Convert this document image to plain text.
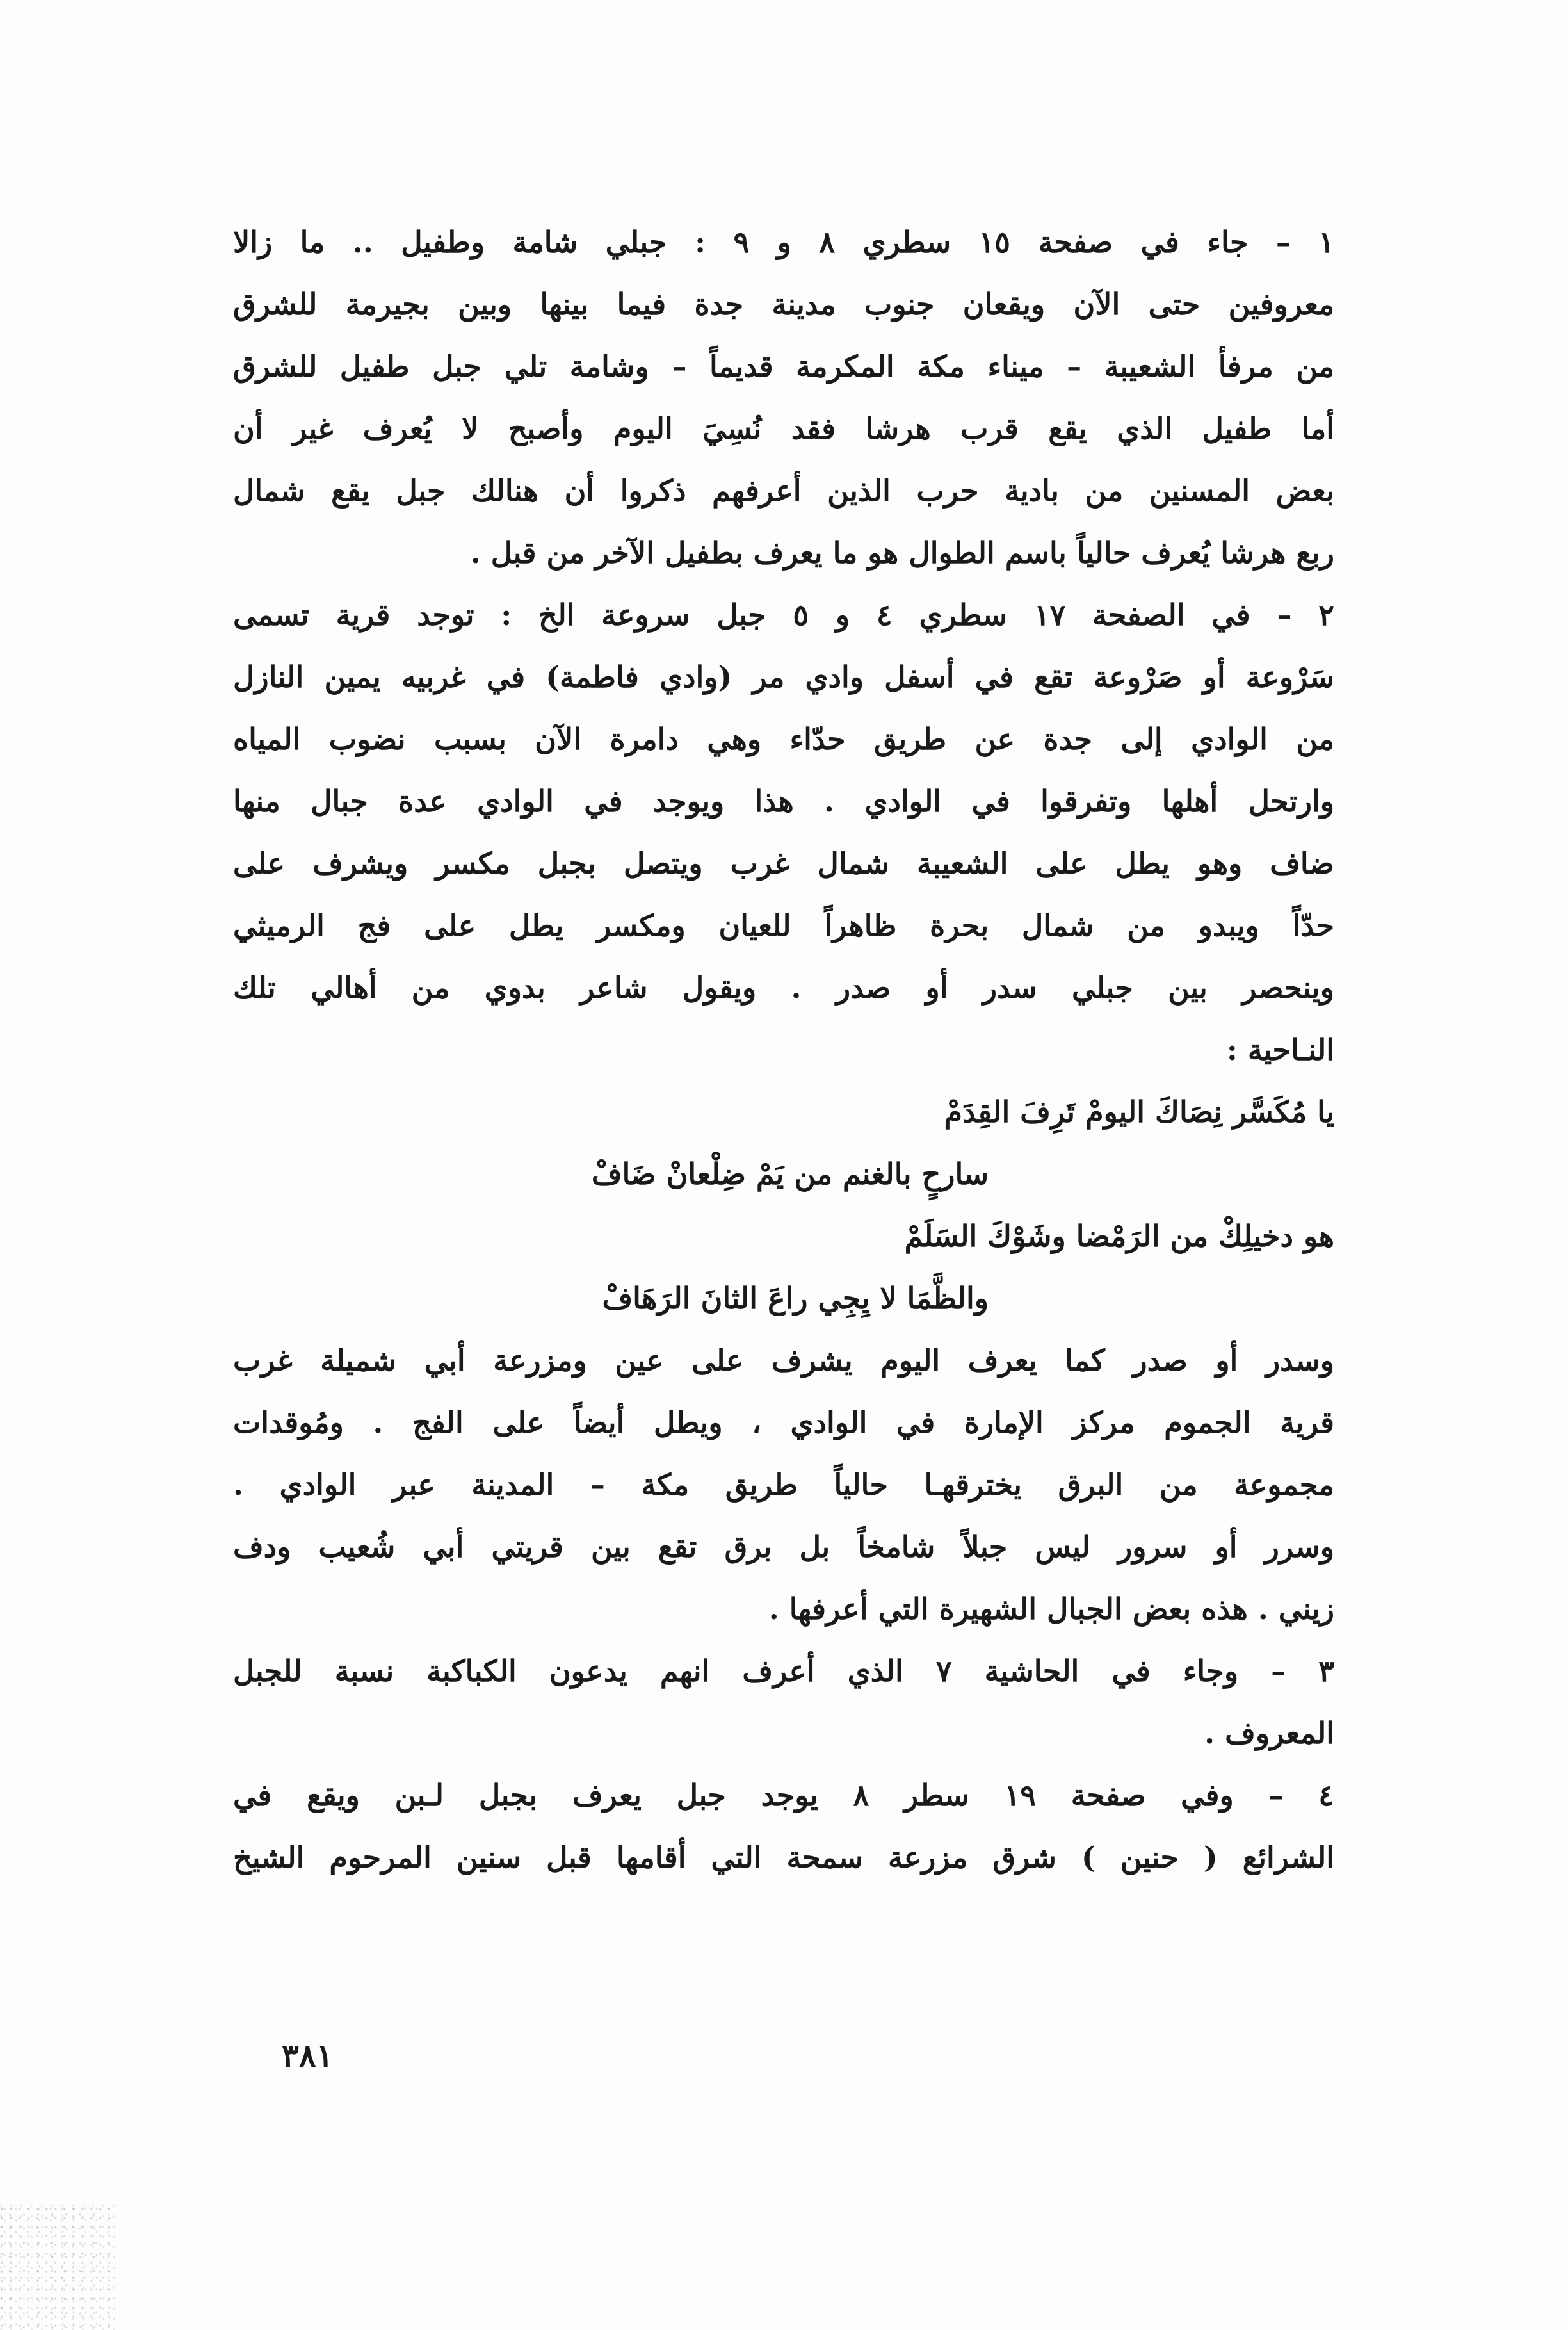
١ – جاء في صفحة ١٥ سطري ٨ و ٩ : جبلي شامة وطفيل .. ما زالا
معروفين حتى الآن ويقعان جنوب مدينة جدة فيما بينها وبين بجيرمة للشرق
من مرفأ الشعيبة – ميناء مكة المكرمة قديماً – وشامة تلي جبل طفيل للشرق
أما طفيل الذي يقع قرب هرشا فقد نُسِيَ اليوم وأصبح لا يُعرف غير أن
بعض المسنين من بادية حرب الذين أعرفهم ذكروا أن هنالك جبل يقع شمال
ربع هرشا يُعرف حالياً باسم الطوال هو ما يعرف بطفيل الآخر من قبل .
٢ – في الصفحة ١٧ سطري ٤ و ٥ جبل سروعة الخ : توجد قرية تسمى
سَرْوعة أو صَرْوعة تقع في أسفل وادي مر (وادي فاطمة) في غربيه يمين النازل
من الوادي إلى جدة عن طريق حدّاء وهي دامرة الآن بسبب نضوب المياه
وارتحل أهلها وتفرقوا في الوادي . هذا ويوجد في الوادي عدة جبال منها
ضاف وهو يطل على الشعيبة شمال غرب ويتصل بجبل مكسر ويشرف على
حدّاً ويبدو من شمال بحرة ظاهراً للعيان ومكسر يطل على فج الرميثي
وينحصر بين جبلي سدر أو صدر . ويقول شاعر بدوي من أهالي تلك
النـاحية :
يا مُكَسَّر نِصَاكَ اليومْ تَرِفَ القِدَمْ
سارحٍ بالغنم من يَمْ ضِلْعانْ ضَافْ
هو دخيلِكْ من الرَمْضا وشَوْكَ السَلَمْ
والظَّمَا لا يِجِي راعَ الثانَ الرَهَافْ
وسدر أو صدر كما يعرف اليوم يشرف على عين ومزرعة أبي شميلة غرب
قرية الجموم مركز الإمارة في الوادي ، ويطل أيضاً على الفج . ومُوقدات
مجموعة من البرق يخترقهـا حالياً طريق مكة – المدينة عبر الوادي .
وسرر أو سرور ليس جبلاً شامخاً بل برق تقع بين قريتي أبي شُعيب ودف
زيني . هذه بعض الجبال الشهيرة التي أعرفها .
٣ – وجاء في الحاشية ٧ الذي أعرف انهم يدعون الكباكبة نسبة للجبل
المعروف .
٤ – وفي صفحة ١٩ سطر ٨ يوجد جبل يعرف بجبل لـبن ويقع في
الشرائع ( حنين ) شرق مزرعة سمحة التي أقامها قبل سنين المرحوم الشيخ
٣٨١
